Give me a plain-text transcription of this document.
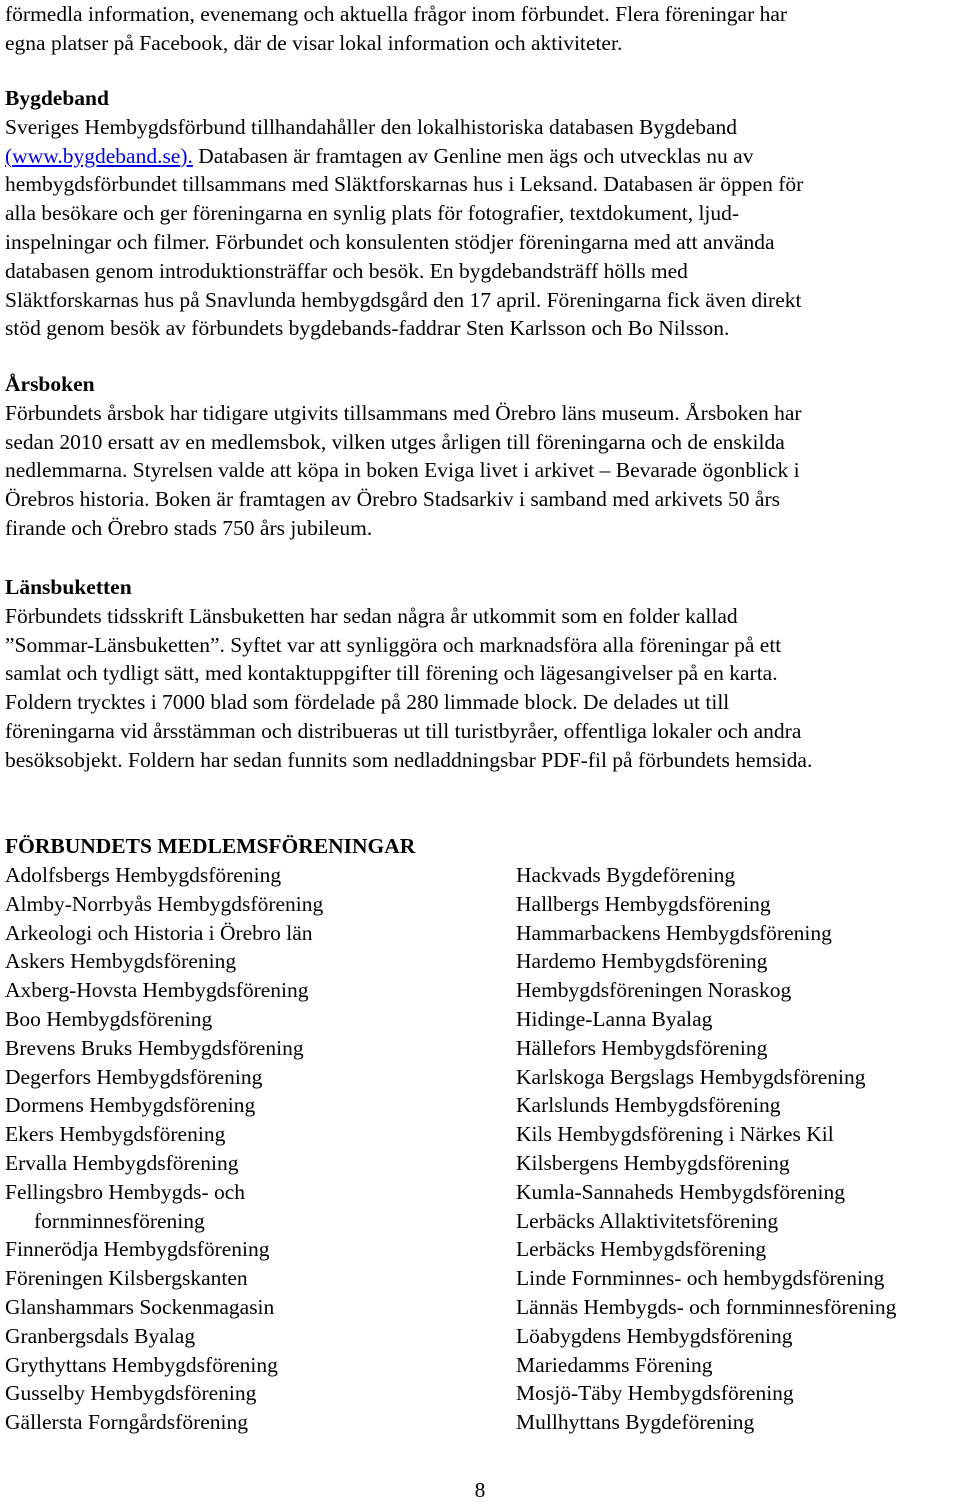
förmedla information, evenemang och aktuella frågor inom förbundet. Flera föreningar har

egna platser på Facebook, där de visar lokal information och aktiviteter.

Bygdeband

Sveriges Hembygdsförbund tillhandahåller den lokalhistoriska databasen Bygdeband

(www.bygdeband.se). Databasen är framtagen av Genline men ägs och utvecklas nu av

hembygdsförbundet tillsammans med Släktforskarnas hus i Leksand. Databasen är öppen för

alla besökare och ger föreningarna en synlig plats för fotografier, textdokument, ljud-

inspelningar och filmer. Förbundet och konsulenten stödjer föreningarna med att använda

databasen genom introduktionsträffar och besök. En bygdebandsträff hölls med

Släktforskarnas hus på Snavlunda hembygdsgård den 17 april. Föreningarna fick även direkt

stöd genom besök av förbundets bygdebands-faddrar Sten Karlsson och Bo Nilsson.

Årsboken

Förbundets årsbok har tidigare utgivits tillsammans med Örebro läns museum. Årsboken har

sedan 2010 ersatt av en medlemsbok, vilken utges årligen till föreningarna och de enskilda

nedlemmarna. Styrelsen valde att köpa in boken Eviga livet i arkivet – Bevarade ögonblick i

Örebros historia. Boken är framtagen av Örebro Stadsarkiv i samband med arkivets 50 års

firande och Örebro stads 750 års jubileum.

Länsbuketten

Förbundets tidsskrift Länsbuketten har sedan några år utkommit som en folder kallad

”Sommar-Länsbuketten”. Syftet var att synliggöra och marknadsföra alla föreningar på ett

samlat och tydligt sätt, med kontaktuppgifter till förening och lägesangivelser på en karta.

Foldern trycktes i 7000 blad som fördelade på 280 limmade block. De delades ut till

föreningarna vid årsstämman och distribueras ut till turistbyråer, offentliga lokaler och andra

besöksobjekt. Foldern har sedan funnits som nedladdningsbar PDF-fil på förbundets hemsida.

FÖRBUNDETS MEDLEMSFÖRENINGAR

Adolfsbergs Hembygdsförening
Almby-Norrbyås Hembygdsförening
Arkeologi och Historia i Örebro län
Askers Hembygdsförening
Axberg-Hovsta Hembygdsförening
Boo Hembygdsförening
Brevens Bruks Hembygdsförening
Degerfors Hembygdsförening
Dormens Hembygdsförening
Ekers Hembygdsförening
Ervalla Hembygdsförening
Fellingsbro Hembygds- och
fornminnesförening
Finnerödja Hembygdsförening
Föreningen Kilsbergskanten
Glanshammars Sockenmagasin
Granbergsdals Byalag
Grythyttans Hembygdsförening
Gusselby Hembygdsförening
Gällersta Forngårdsförening
Hackvads Bygdeförening
Hallbergs Hembygdsförening
Hammarbackens Hembygdsförening
Hardemo Hembygdsförening
Hembygdsföreningen Noraskog
Hidinge-Lanna Byalag
Hällefors Hembygdsförening
Karlskoga Bergslags Hembygdsförening
Karlslunds Hembygdsförening
Kils Hembygdsförening i Närkes Kil
Kilsbergens Hembygdsförening
Kumla-Sannaheds Hembygdsförening
Lerbäcks Allaktivitetsförening
Lerbäcks Hembygdsförening
Linde Fornminnes- och hembygdsförening
Lännäs Hembygds- och fornminnesförening
Löabygdens Hembygdsförening
Mariedamms Förening
Mosjö-Täby Hembygdsförening
Mullhyttans Bygdeförening
8
